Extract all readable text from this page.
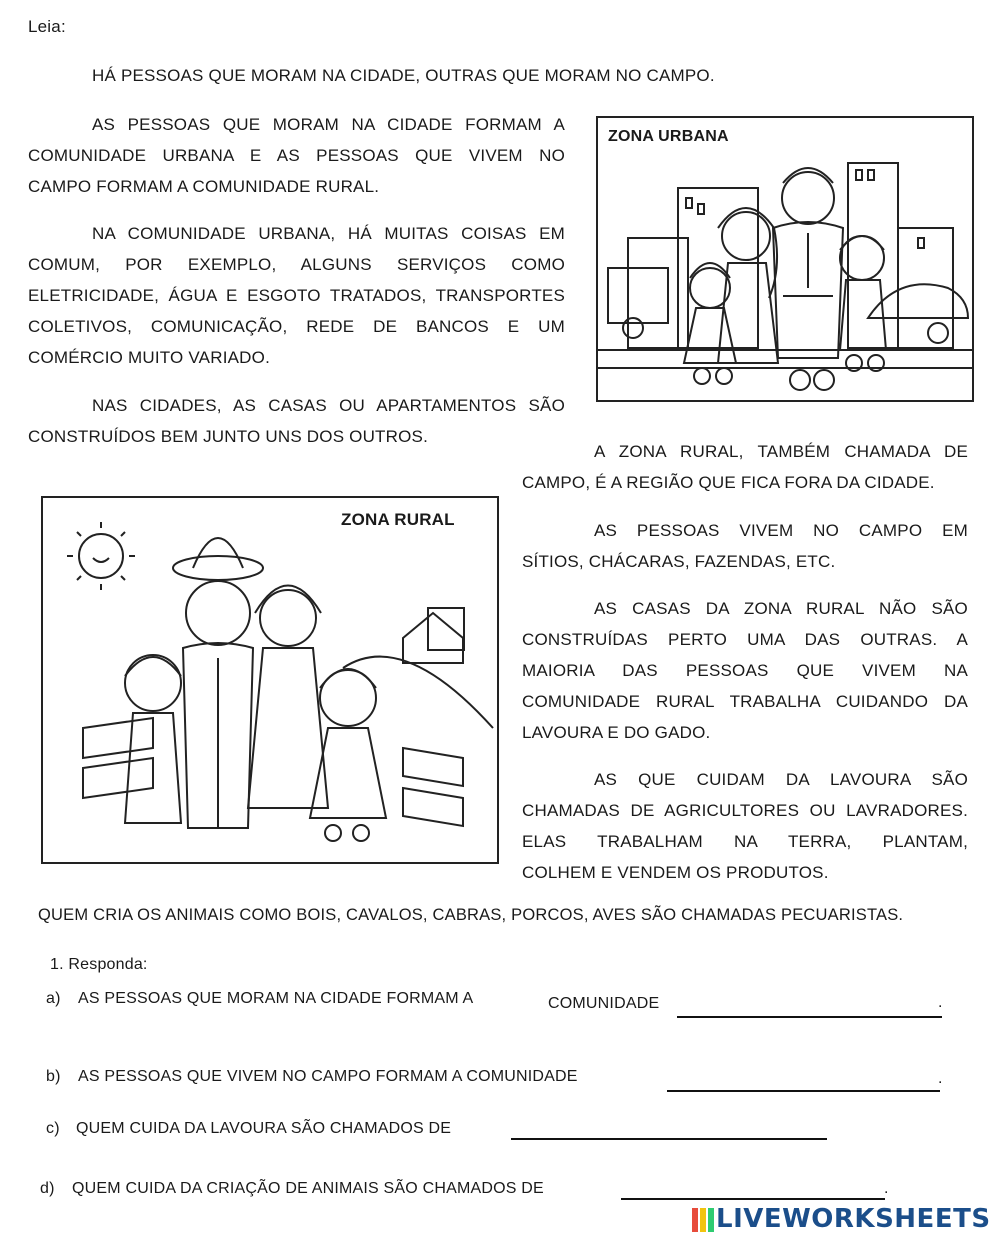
Leia:
HÁ PESSOAS QUE MORAM NA CIDADE, OUTRAS QUE MORAM NO CAMPO.
AS PESSOAS QUE MORAM NA CIDADE FORMAM A
COMUNIDADE URBANA E AS PESSOAS QUE VIVEM NO
CAMPO FORMAM A COMUNIDADE RURAL.
NA COMUNIDADE URBANA, HÁ MUITAS COISAS EM
COMUM, POR EXEMPLO, ALGUNS SERVIÇOS COMO
ELETRICIDADE, ÁGUA E ESGOTO TRATADOS, TRANSPORTES
COLETIVOS, COMUNICAÇÃO, REDE DE BANCOS E UM
COMÉRCIO MUITO VARIADO.
NAS CIDADES, AS CASAS OU APARTAMENTOS SÃO
CONSTRUÍDOS BEM JUNTO UNS DOS OUTROS.
ZONA URBANA
A ZONA RURAL, TAMBÉM CHAMADA DE
CAMPO, É A REGIÃO QUE FICA FORA DA CIDADE.
ZONA RURAL
AS PESSOAS VIVEM NO CAMPO EM
SÍTIOS, CHÁCARAS, FAZENDAS, ETC.
AS CASAS DA ZONA RURAL NÃO SÃO
CONSTRUÍDAS PERTO UMA DAS OUTRAS. A
MAIORIA DAS PESSOAS QUE VIVEM NA
COMUNIDADE RURAL TRABALHA CUIDANDO DA
LAVOURA E DO GADO.
AS QUE CUIDAM DA LAVOURA SÃO
CHAMADAS DE AGRICULTORES OU LAVRADORES.
ELAS TRABALHAM NA TERRA, PLANTAM,
COLHEM E VENDEM OS PRODUTOS.
QUEM CRIA OS ANIMAIS COMO BOIS, CAVALOS, CABRAS, PORCOS, AVES SÃO CHAMADAS PECUARISTAS.
1. Responda:
a) AS PESSOAS QUE MORAM NA CIDADE FORMAM A	COMUNIDADE	.
b) AS PESSOAS QUE VIVEM NO CAMPO FORMAM A COMUNIDADE	.
c) QUEM CUIDA DA LAVOURA SÃO CHAMADOS DE
d) QUEM CUIDA DA CRIAÇÃO DE ANIMAIS SÃO CHAMADOS DE	.
LIVEWORKSHEETS
